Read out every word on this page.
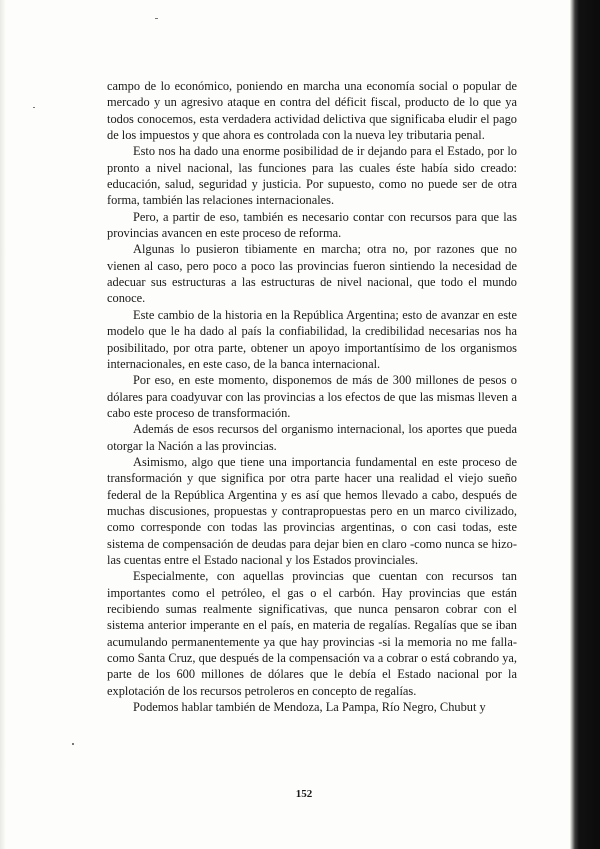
campo de lo económico, poniendo en marcha una economía social o popular de mercado y un agresivo ataque en contra del déficit fiscal, producto de lo que ya todos conocemos, esta verdadera actividad delictiva que significaba eludir el pago de los impuestos y que ahora es controlada con la nueva ley tributaria penal.

Esto nos ha dado una enorme posibilidad de ir dejando para el Estado, por lo pronto a nivel nacional, las funciones para las cuales éste había sido creado: educación, salud, seguridad y justicia. Por supuesto, como no puede ser de otra forma, también las relaciones internacionales.

Pero, a partir de eso, también es necesario contar con recursos para que las provincias avancen en este proceso de reforma.

Algunas lo pusieron tibiamente en marcha; otra no, por razones que no vienen al caso, pero poco a poco las provincias fueron sintiendo la necesidad de adecuar sus estructuras a las estructuras de nivel nacional, que todo el mundo conoce.

Este cambio de la historia en la República Argentina; esto de avanzar en este modelo que le ha dado al país la confiabilidad, la credibilidad necesarias nos ha posibilitado, por otra parte, obtener un apoyo importantísimo de los organismos internacionales, en este caso, de la banca internacional.

Por eso, en este momento, disponemos de más de 300 millones de pesos o dólares para coadyuvar con las provincias a los efectos de que las mismas lleven a cabo este proceso de transformación.

Además de esos recursos del organismo internacional, los aportes que pueda otorgar la Nación a las provincias.

Asimismo, algo que tiene una importancia fundamental en este proceso de transformación y que significa por otra parte hacer una realidad el viejo sueño federal de la República Argentina y es así que hemos llevado a cabo, después de muchas discusiones, propuestas y contrapropuestas pero en un marco civilizado, como corresponde con todas las provincias argentinas, o con casi todas, este sistema de compensación de deudas para dejar bien en claro -como nunca se hizo- las cuentas entre el Estado nacional y los Estados provinciales.

Especialmente, con aquellas provincias que cuentan con recursos tan importantes como el petróleo, el gas o el carbón. Hay provincias que están recibiendo sumas realmente significativas, que nunca pensaron cobrar con el sistema anterior imperante en el país, en materia de regalías. Regalías que se iban acumulando permanentemente ya que hay provincias -si la memoria no me falla- como Santa Cruz, que después de la compensación va a cobrar o está cobrando ya, parte de los 600 millones de dólares que le debía el Estado nacional por la explotación de los recursos petroleros en concepto de regalías.

Podemos hablar también de Mendoza, La Pampa, Río Negro, Chubut y

152
